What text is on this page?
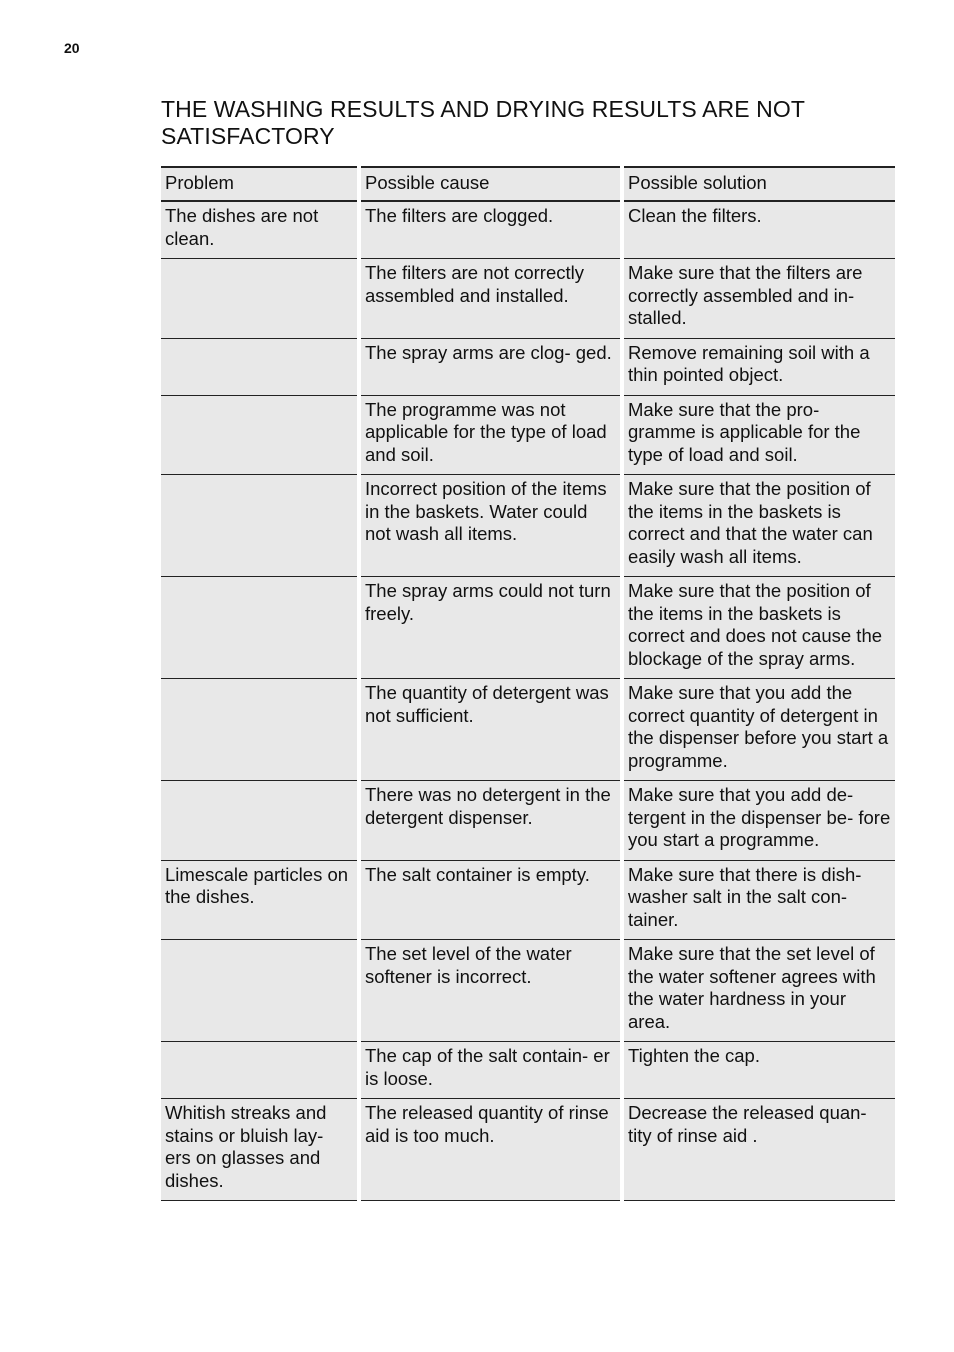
20
THE WASHING RESULTS AND DRYING RESULTS ARE NOT SATISFACTORY
Problem	Possible cause	Possible solution
The dishes are not clean.	The filters are clogged.	Clean the filters.
	The filters are not correctly assembled and installed.	Make sure that the filters are correctly assembled and in- stalled.
	The spray arms are clog- ged.	Remove remaining soil with a thin pointed object.
	The programme was not applicable for the type of load and soil.	Make sure that the pro- gramme is applicable for the type of load and soil.
	Incorrect position of the items in the baskets. Water could not wash all items.	Make sure that the position of the items in the baskets is correct and that the water can easily wash all items.
	The spray arms could not turn freely.	Make sure that the position of the items in the baskets is correct and does not cause the blockage of the spray arms.
	The quantity of detergent was not sufficient.	Make sure that you add the correct quantity of detergent in the dispenser before you start a programme.
	There was no detergent in the detergent dispenser.	Make sure that you add de- tergent in the dispenser be- fore you start a programme.
Limescale particles on the dishes.	The salt container is empty.	Make sure that there is dish- washer salt in the salt con- tainer.
	The set level of the water softener is incorrect.	Make sure that the set level of the water softener agrees with the water hardness in your area.
	The cap of the salt contain- er is loose.	Tighten the cap.
Whitish streaks and stains or bluish lay- ers on glasses and dishes.	The released quantity of rinse aid is too much.	Decrease the released quan- tity of rinse aid .
